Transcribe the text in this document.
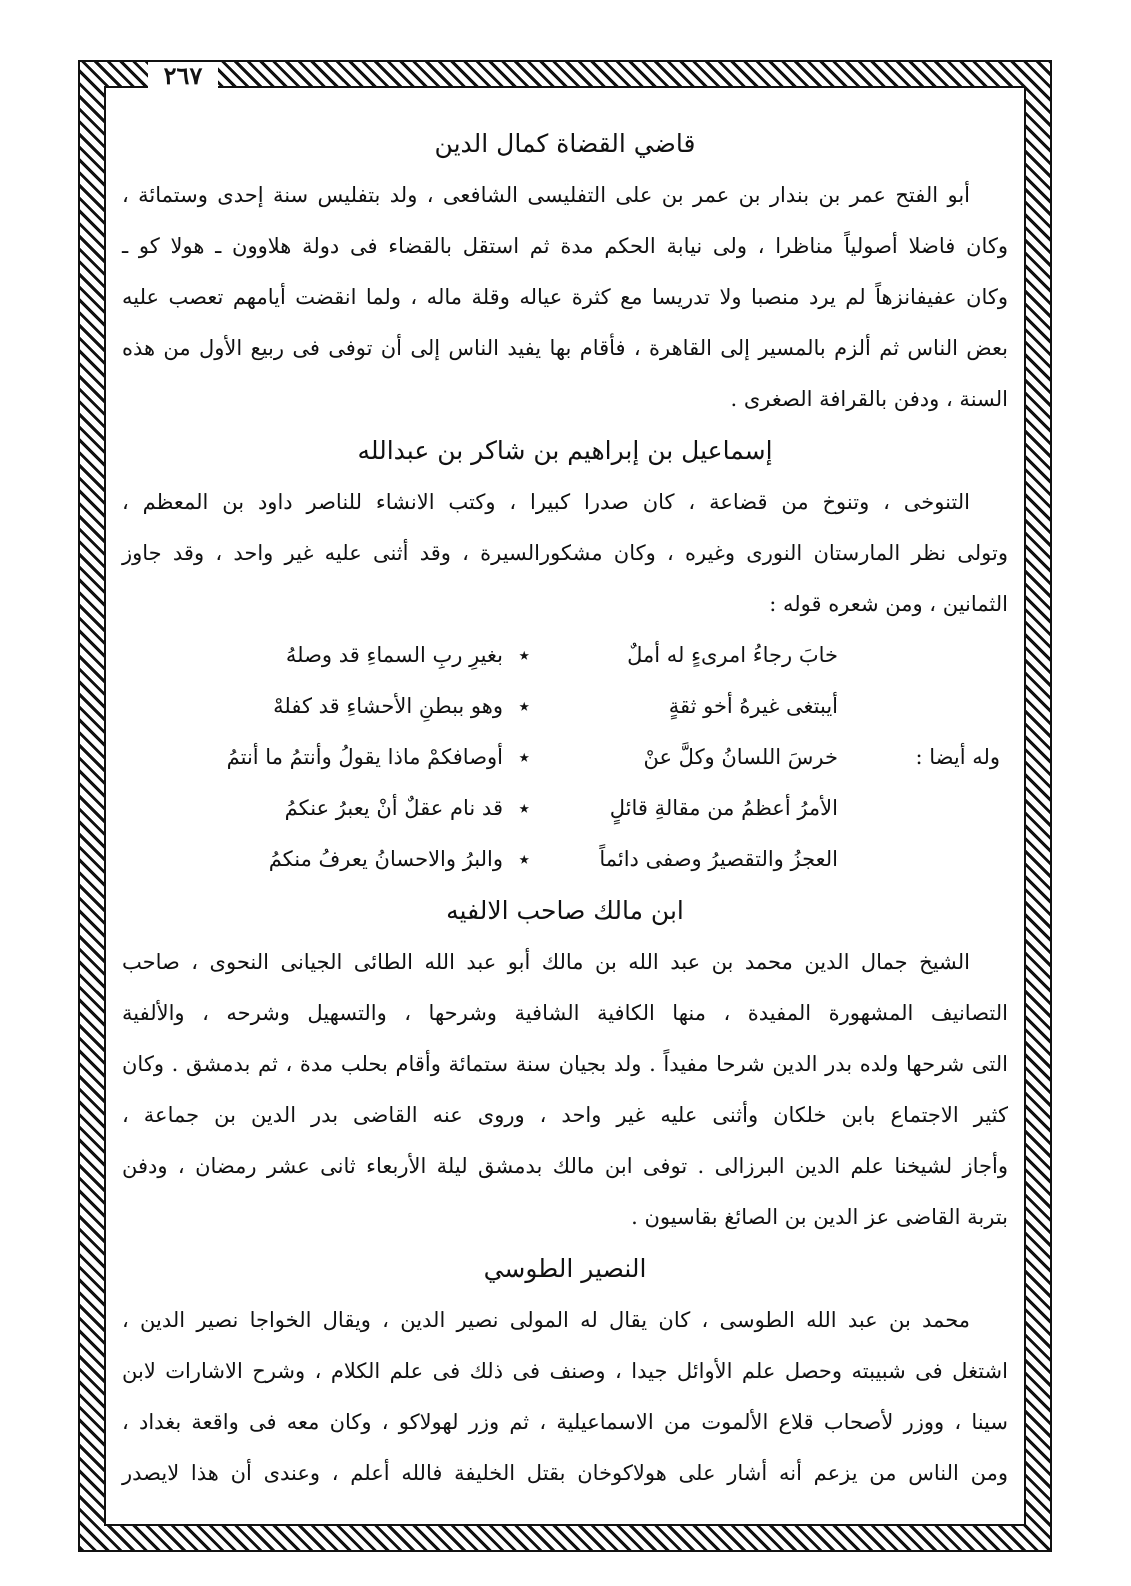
٢٦٧
قاضي القضاة كمال الدين

أبو الفتح عمر بن بندار بن عمر بن على التفليسى الشافعى ، ولد بتفليس سنة إحدى وستمائة ،
وكان فاضلا أصولياً مناظرا ، ولى نيابة الحكم مدة ثم استقل بالقضاء فى دولة هلاوون ـ هولا كو ـ
وكان عفيفانزهاً لم يرد منصبا ولا تدريسا مع كثرة عياله وقلة ماله ، ولما انقضت أيامهم تعصب عليه
بعض الناس ثم ألزم بالمسير إلى القاهرة ، فأقام بها يفيد الناس إلى أن توفى فى ربيع الأول من هذه
السنة ، ودفن بالقرافة الصغرى .

إسماعيل بن إبراهيم بن شاكر بن عبدالله

التنوخى ، وتنوخ من قضاعة ، كان صدرا كبيرا ، وكتب الانشاء للناصر داود بن المعظم ،
وتولى نظر المارستان النورى وغيره ، وكان مشكورالسيرة ، وقد أثنى عليه غير واحد ، وقد جاوز
الثمانين ، ومن شعره قوله :

خابَ رجاءُ امرىءٍ له أملٌ
٭
بغيرِ ربِ السماءِ قد وصلهُ
أيبتغى غيرهُ أخو ثقةٍ
٭
وهو ببطنِ الأحشاءِ قد كفلهْ
وله أيضا :
خرسَ اللسانُ وكلَّ عنْ
٭
أوصافكمْ ماذا يقولُ وأنتمُ ما أنتمُ
الأمرُ أعظمُ من مقالةِ قائلٍ
٭
قد نام عقلٌ أنْ يعبرُ عنكمُ
العجزُ والتقصيرُ وصفى دائماً
٭
والبرُ والاحسانُ يعرفُ منكمُ
ابن مالك صاحب الالفيه

الشيخ جمال الدين محمد بن عبد الله بن مالك أبو عبد الله الطائى الجيانى النحوى ، صاحب
التصانيف المشهورة المفيدة ، منها الكافية الشافية وشرحها ، والتسهيل وشرحه ، والألفية
التى شرحها ولده بدر الدين شرحا مفيداً . ولد بجيان سنة ستمائة وأقام بحلب مدة ، ثم بدمشق . وكان
كثير الاجتماع بابن خلكان وأثنى عليه غير واحد ، وروى عنه القاضى بدر الدين بن جماعة ،
وأجاز لشيخنا علم الدين البرزالى . توفى ابن مالك بدمشق ليلة الأربعاء ثانى عشر رمضان ، ودفن
بتربة القاضى عز الدين بن الصائغ بقاسيون .

النصير الطوسي

محمد بن عبد الله الطوسى ، كان يقال له المولى نصير الدين ، ويقال الخواجا نصير الدين ،
اشتغل فى شبيبته وحصل علم الأوائل جيدا ، وصنف فى ذلك فى علم الكلام ، وشرح الاشارات لابن
سينا ، ووزر لأصحاب قلاع الألموت من الاسماعيلية ، ثم وزر لهولاكو ، وكان معه فى واقعة بغداد ،
ومن الناس من يزعم أنه أشار على هولاكوخان بقتل الخليفة فالله أعلم ، وعندى أن هذا لايصدر
